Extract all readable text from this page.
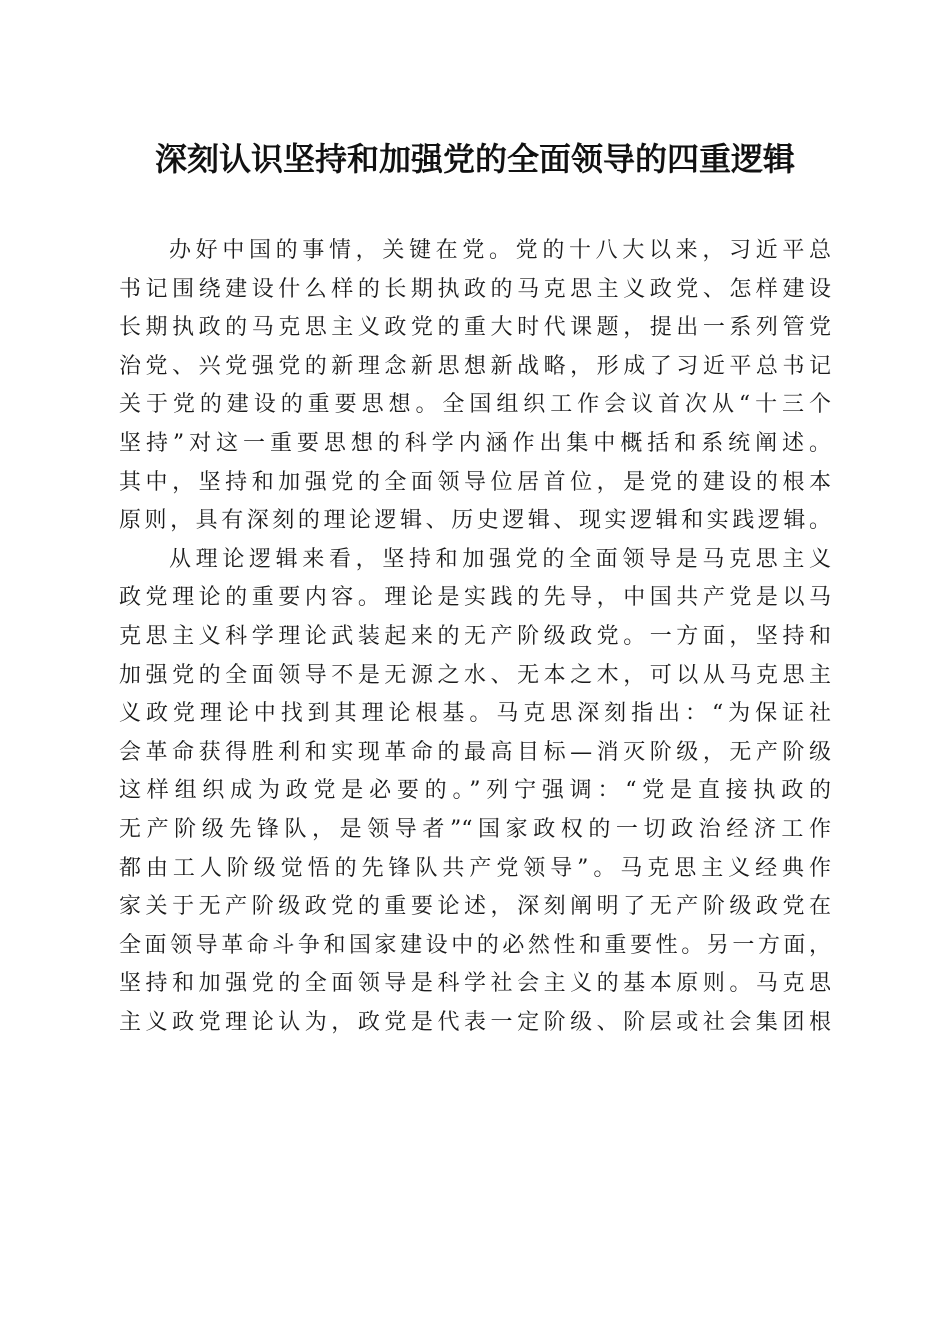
深刻认识坚持和加强党的全面领导的四重逻辑
办好中国的事情，关键在党。党的十八大以来，习近平总
书记围绕建设什么样的长期执政的马克思主义政党、怎样建设
长期执政的马克思主义政党的重大时代课题，提出一系列管党
治党、兴党强党的新理念新思想新战略，形成了习近平总书记
关于党的建设的重要思想。全国组织工作会议首次从“十三个
坚持”对这一重要思想的科学内涵作出集中概括和系统阐述。
其中，坚持和加强党的全面领导位居首位，是党的建设的根本
原则，具有深刻的理论逻辑、历史逻辑、现实逻辑和实践逻辑。
从理论逻辑来看，坚持和加强党的全面领导是马克思主义
政党理论的重要内容。理论是实践的先导，中国共产党是以马
克思主义科学理论武装起来的无产阶级政党。一方面，坚持和
加强党的全面领导不是无源之水、无本之木，可以从马克思主
义政党理论中找到其理论根基。马克思深刻指出：“为保证社
会革命获得胜利和实现革命的最高目标—消灭阶级，无产阶级
这样组织成为政党是必要的。”列宁强调：“党是直接执政的
无产阶级先锋队，是领导者”“国家政权的一切政治经济工作
都由工人阶级觉悟的先锋队共产党领导”。马克思主义经典作
家关于无产阶级政党的重要论述，深刻阐明了无产阶级政党在
全面领导革命斗争和国家建设中的必然性和重要性。另一方面，
坚持和加强党的全面领导是科学社会主义的基本原则。马克思
主义政党理论认为，政党是代表一定阶级、阶层或社会集团根
